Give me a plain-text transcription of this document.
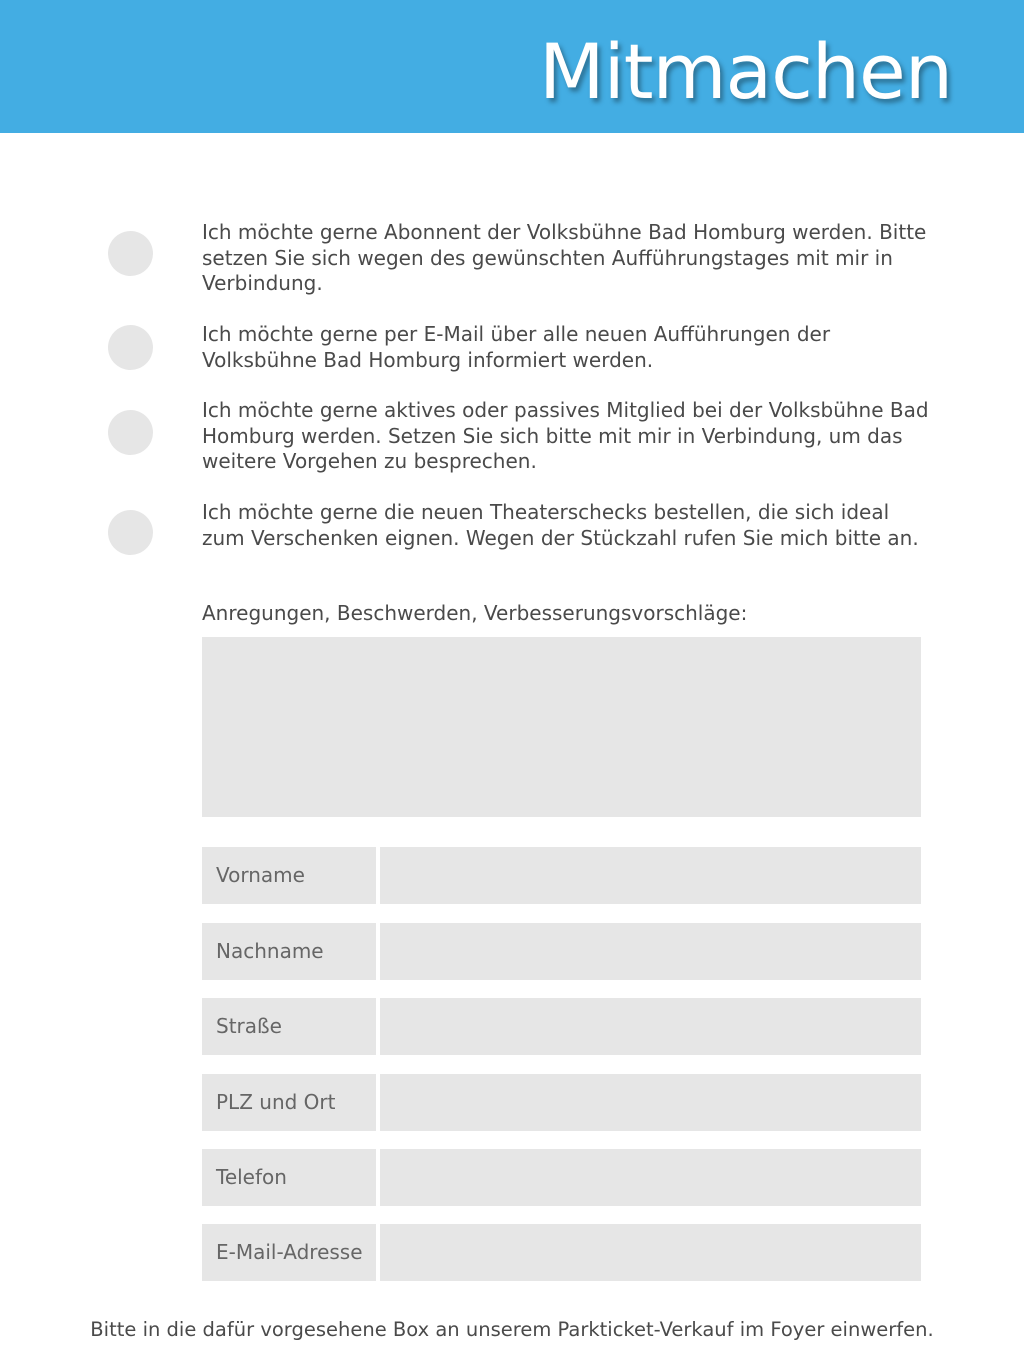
Mitmachen
Ich möchte gerne Abonnent der Volksbühne Bad Homburg werden. Bitte setzen Sie sich wegen des gewünschten Aufführungstages mit mir in Verbindung.
Ich möchte gerne per E-Mail über alle neuen Aufführungen der Volksbühne Bad Homburg informiert werden.
Ich möchte gerne aktives oder passives Mitglied bei der Volksbühne Bad Homburg werden. Setzen Sie sich bitte mit mir in Verbindung, um das weitere Vorgehen zu besprechen.
Ich möchte gerne die neuen Theaterschecks bestellen, die sich ideal zum Verschenken eignen. Wegen der Stückzahl rufen Sie mich bitte an.
Anregungen, Beschwerden, Verbesserungsvorschläge:
Vorname
Nachname
Straße
PLZ und Ort
Telefon
E-Mail-Adresse
Bitte in die dafür vorgesehene Box an unserem Parkticket-Verkauf im Foyer einwerfen.
